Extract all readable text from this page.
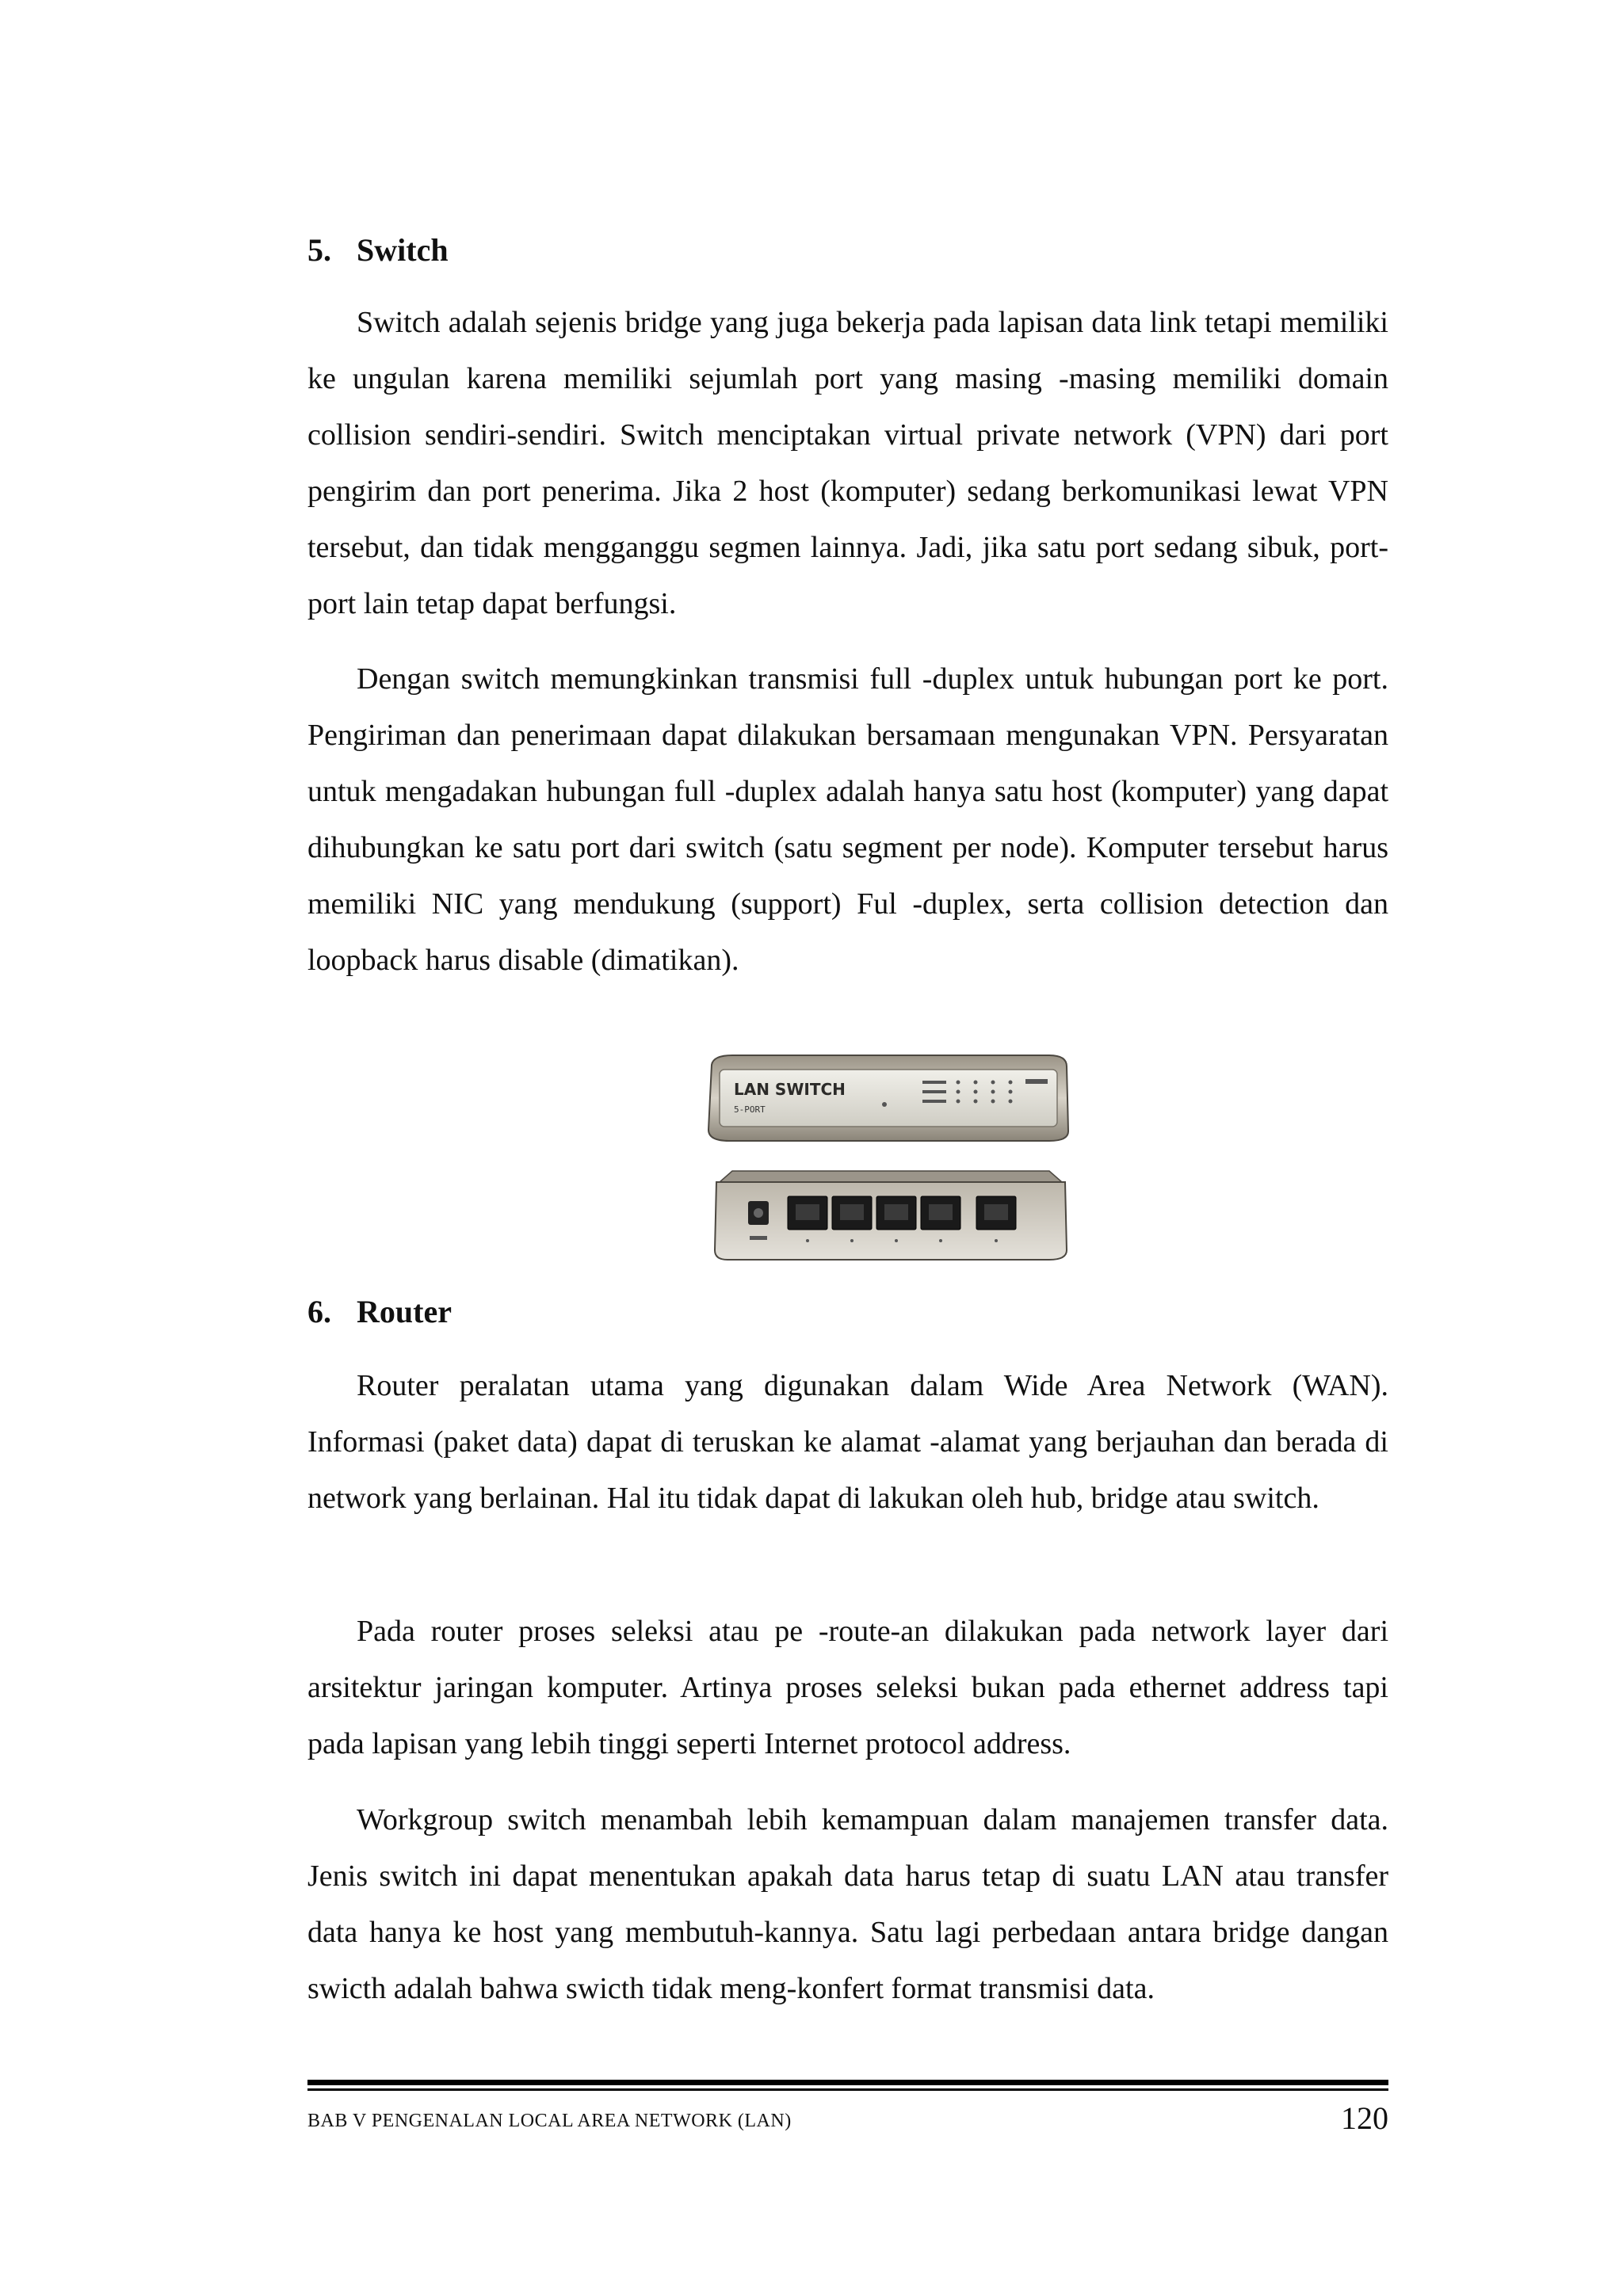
5. Switch

Switch adalah sejenis bridge yang juga bekerja pada lapisan data link tetapi memiliki ke ungulan karena memiliki sejumlah port yang masing -masing memiliki domain collision sendiri-sendiri. Switch menciptakan virtual private network (VPN) dari port pengirim dan port penerima. Jika 2 host (komputer) sedang berkomunikasi lewat VPN tersebut, dan tidak mengganggu segmen lainnya. Jadi, jika satu port sedang sibuk, port-port lain tetap dapat berfungsi.

Dengan switch memungkinkan transmisi full -duplex untuk hubungan port ke port. Pengiriman dan penerimaan dapat dilakukan bersamaan mengunakan VPN. Persyaratan untuk mengadakan hubungan full -duplex adalah hanya satu host (komputer) yang dapat dihubungkan ke satu port dari switch (satu segment per node). Komputer tersebut harus memiliki NIC yang mendukung (support) Ful -duplex, serta collision detection dan loopback harus disable (dimatikan).

LAN SWITCH
5-PORT
6. Router

Router peralatan utama yang digunakan dalam Wide Area Network (WAN). Informasi (paket data) dapat di teruskan ke alamat -alamat yang berjauhan dan berada di network yang berlainan. Hal itu tidak dapat di lakukan oleh hub, bridge atau switch.

Pada router proses seleksi atau pe -route-an dilakukan pada network layer dari arsitektur jaringan komputer. Artinya proses seleksi bukan pada ethernet address tapi pada lapisan yang lebih tinggi seperti Internet protocol address.

Workgroup switch menambah lebih kemampuan dalam manajemen transfer data. Jenis switch ini dapat menentukan apakah data harus tetap di suatu LAN atau transfer data hanya ke host yang membutuh-kannya. Satu lagi perbedaan antara bridge dangan swicth adalah bahwa swicth tidak meng-konfert format transmisi data.

BAB V PENGENALAN LOCAL AREA NETWORK (LAN)	120
